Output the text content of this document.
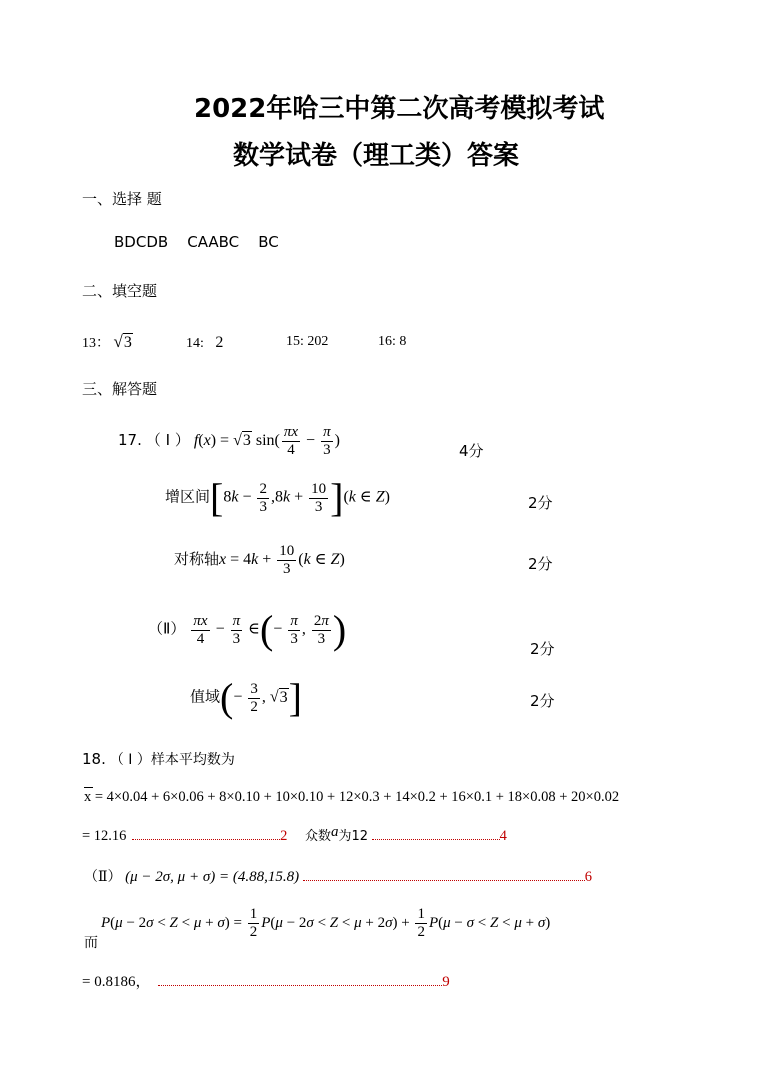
2022年哈三中第二次高考模拟考试
数学试卷（理工类）答案
一、选择 题
BDCDB    CAABC    BC
二、填空题
13： √3	14: 2	15: 202	16: 8
三、解答题
17. （ Ⅰ ） f(x) = √3 $\sin( \frac{\pi x}{4} - \frac{\pi}{3}$ )
4分
增区间$[8k - \frac{2}{3} ,8k + \frac{10}{3} ](k$ ∈ Z)	2分
对称轴$x = 4k + \frac{10}{3} (k$ ∈ Z)	2分
（Ⅱ） $\frac{\pi x}{4} - \frac{\pi}{3}$ ∈(− $\frac{\pi}{3}$ , $\frac{2\pi}{3}$ )	2分
值域(− $\frac{3}{2}$ , √3]	2分
18. （ Ⅰ ）样本平均数为
x = 4×0.04 + 6×0.06 + 8×0.10 + 10×0.10 + 12×0.3 + 14×0.2 + 16×0.1 + 18×0.08 + 20×0.02
= 12.16	2 众数a为12	4
（Ⅱ） (μ − 2σ, μ + σ) = (4.88,15.8)	6
而
$P(\mu - 2\sigma < Z < \mu + \sigma) = \frac{1}{2} P(\mu - 2\sigma < Z < \mu + 2\sigma) + \frac{1}{2} P(\mu - \sigma < Z < \mu + \sigma)$
= 0.8186，	9
